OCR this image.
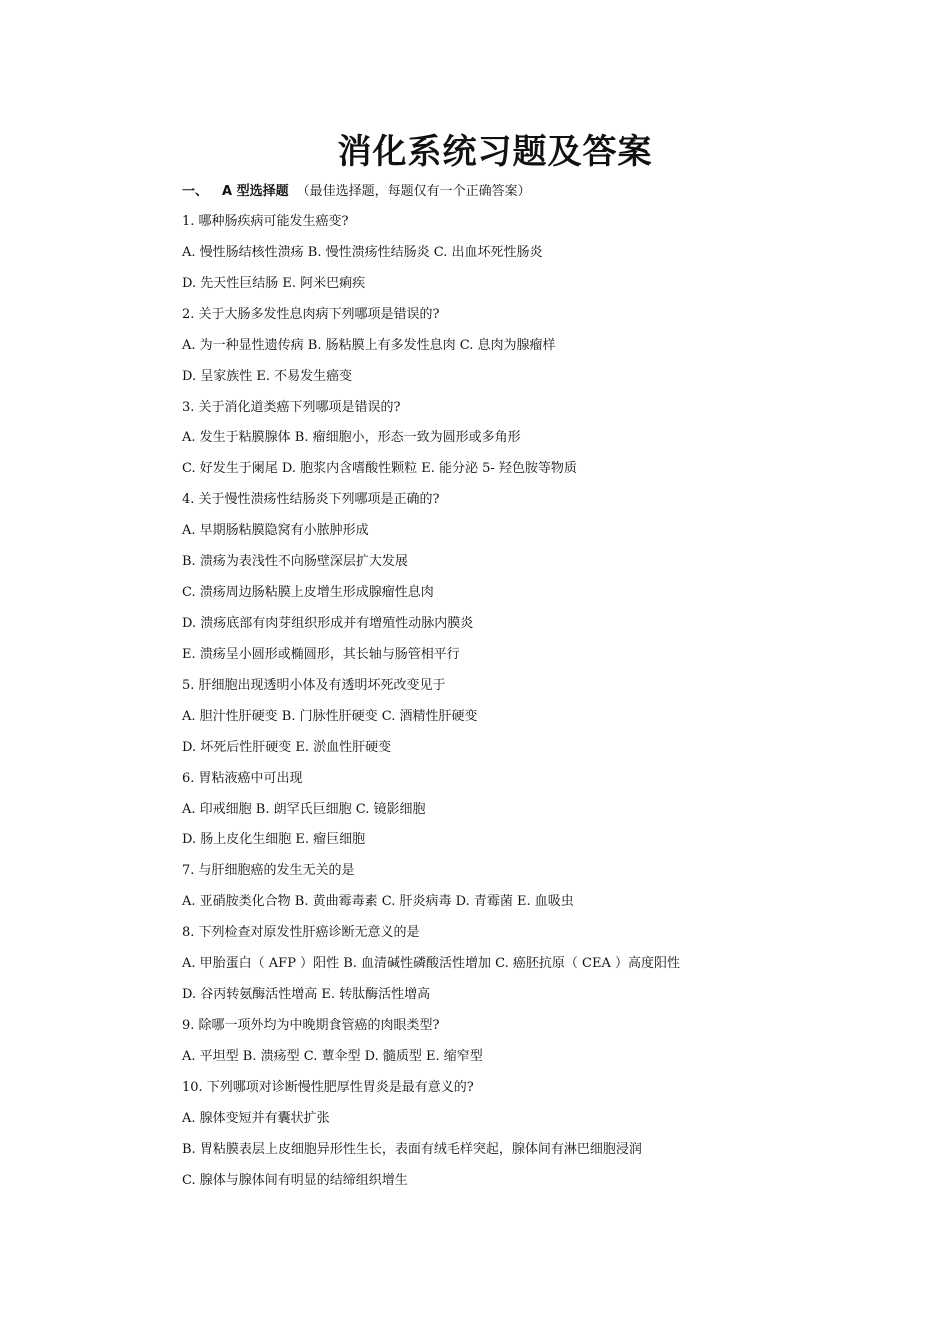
消化系统习题及答案
一、 A 型选择题 （最佳选择题，每题仅有一个正确答案）
1. 哪种肠疾病可能发生癌变?
A. 慢性肠结核性溃疡 B. 慢性溃疡性结肠炎 C. 出血坏死性肠炎
D. 先天性巨结肠 E. 阿米巴痢疾
2. 关于大肠多发性息肉病下列哪项是错误的?
A. 为一种显性遗传病 B. 肠粘膜上有多发性息肉 C. 息肉为腺瘤样
D. 呈家族性 E. 不易发生癌变
3. 关于消化道类癌下列哪项是错误的?
A. 发生于粘膜腺体 B. 瘤细胞小，形态一致为圆形或多角形
C. 好发生于阑尾 D. 胞浆内含嗜酸性颗粒 E. 能分泌 5- 羟色胺等物质
4. 关于慢性溃疡性结肠炎下列哪项是正确的?
A. 早期肠粘膜隐窝有小脓肿形成
B. 溃疡为表浅性不向肠壁深层扩大发展
C. 溃疡周边肠粘膜上皮增生形成腺瘤性息肉
D. 溃疡底部有肉芽组织形成并有增殖性动脉内膜炎
E. 溃疡呈小圆形或椭圆形，其长轴与肠管相平行
5. 肝细胞出现透明小体及有透明坏死改变见于
A. 胆汁性肝硬变 B. 门脉性肝硬变 C. 酒精性肝硬变
D. 坏死后性肝硬变 E. 淤血性肝硬变
6. 胃粘液癌中可出现
A. 印戒细胞 B. 朗罕氏巨细胞 C. 镜影细胞
D. 肠上皮化生细胞 E. 瘤巨细胞
7. 与肝细胞癌的发生无关的是
A. 亚硝胺类化合物 B. 黄曲霉毒素 C. 肝炎病毒 D. 青霉菌 E. 血吸虫
8. 下列检查对原发性肝癌诊断无意义的是
A. 甲胎蛋白（ AFP ）阳性 B. 血清碱性磷酸活性增加 C. 癌胚抗原（ CEA ）高度阳性
D. 谷丙转氨酶活性增高 E. 转肽酶活性增高
9. 除哪一项外均为中晚期食管癌的肉眼类型?
A. 平坦型 B. 溃疡型 C. 蕈伞型 D. 髓质型 E. 缩窄型
10. 下列哪项对诊断慢性肥厚性胃炎是最有意义的?
A. 腺体变短并有囊状扩张
B. 胃粘膜表层上皮细胞异形性生长，表面有绒毛样突起，腺体间有淋巴细胞浸润
C. 腺体与腺体间有明显的结缔组织增生
